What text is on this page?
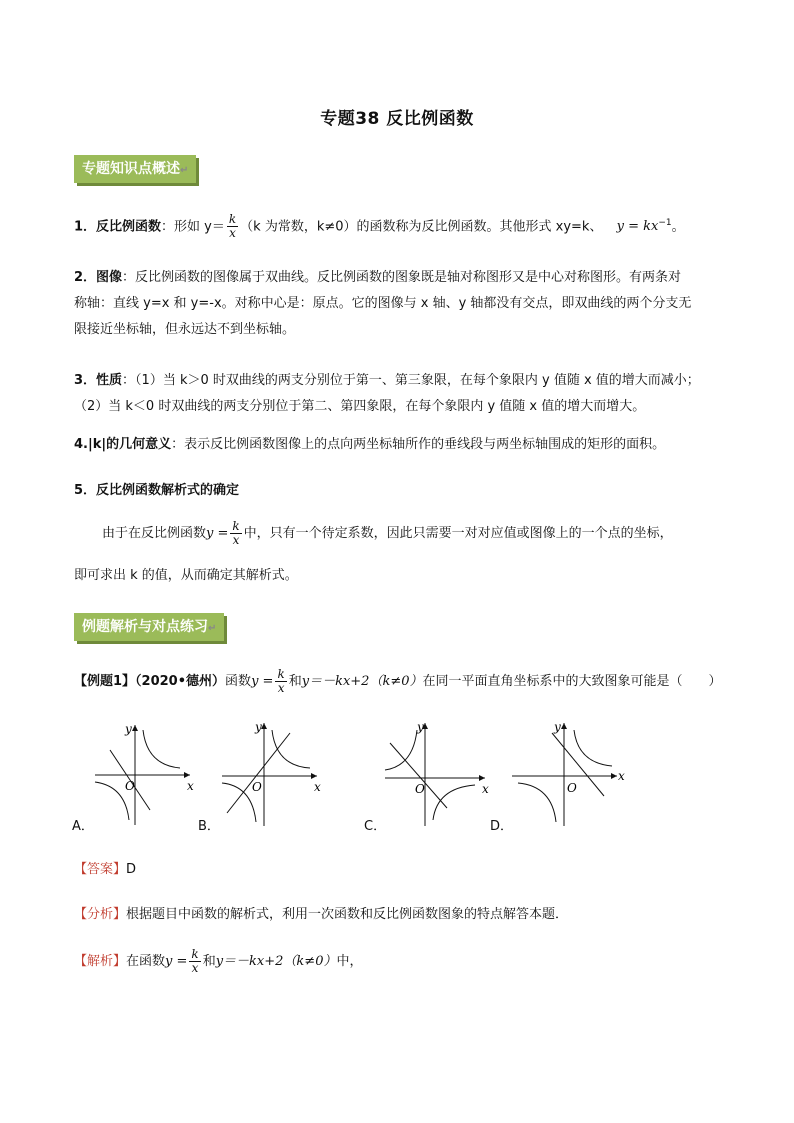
专题38 反比例函数
专题知识点概述↵
1．反比例函数：形如 $y= \frac{k}{x} (k$ 为常数，k≠0）的函数称为反比例函数。其他形式 xy=k、 $y = kx^{-1}$。
2．图像：反比例函数的图像属于双曲线。反比例函数的图象既是轴对称图形又是中心对称图形。有两条对
称轴：直线 y=x 和 y=-x。对称中心是：原点。它的图像与 x 轴、y 轴都没有交点，即双曲线的两个分支无
限接近坐标轴，但永远达不到坐标轴。
3．性质：（1）当 k＞0 时双曲线的两支分别位于第一、第三象限，在每个象限内 y 值随 x 值的增大而减小；
（2）当 k＜0 时双曲线的两支分别位于第二、第四象限，在每个象限内 y 值随 x 值的增大而增大。
4.|k|的几何意义：表示反比例函数图像上的点向两坐标轴所作的垂线段与两坐标轴围成的矩形的面积。
5．反比例函数解析式的确定
由于在反比例函数$y = \frac{k}{x}$ 中，只有一个待定系数，因此只需要一对对应值或图像上的一个点的坐标，
即可求出 k 的值，从而确定其解析式。
例题解析与对点练习↵
【例题1】（2020•德州）函数$y = \frac{k}{x}$ 和y＝－kx+2（k≠0）在同一平面直角坐标系中的大致图象可能是（　　）
y
x
O
A．
y
x
O
B．
y
x
O
C．
y
x
O
D．
【答案】D
【分析】根据题目中函数的解析式，利用一次函数和反比例函数图象的特点解答本题．
【解析】在函数$y = \frac{k}{x}$ 和y＝－kx+2（k≠0）中，
